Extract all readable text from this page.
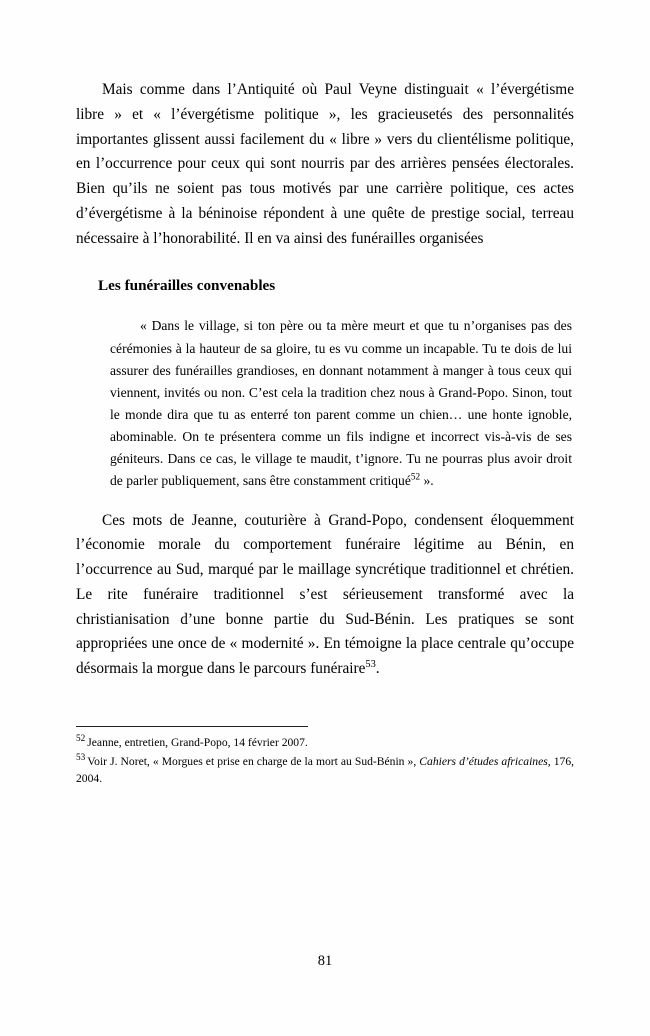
Mais comme dans l’Antiquité où Paul Veyne distinguait « l’évergétisme libre » et « l’évergétisme politique », les gracieusetés des personnalités importantes glissent aussi facilement du « libre » vers du clientélisme politique, en l’occurrence pour ceux qui sont nourris par des arrières pensées électorales. Bien qu’ils ne soient pas tous motivés par une carrière politique, ces actes d’évergétisme à la béninoise répondent à une quête de prestige social, terreau nécessaire à l’honorabilité. Il en va ainsi des funérailles organisées

Les funérailles convenables
« Dans le village, si ton père ou ta mère meurt et que tu n’organises pas des cérémonies à la hauteur de sa gloire, tu es vu comme un incapable. Tu te dois de lui assurer des funérailles grandioses, en donnant notamment à manger à tous ceux qui viennent, invités ou non. C’est cela la tradition chez nous à Grand-Popo. Sinon, tout le monde dira que tu as enterré ton parent comme un chien… une honte ignoble, abominable. On te présentera comme un fils indigne et incorrect vis-à-vis de ses géniteurs. Dans ce cas, le village te maudit, t’ignore. Tu ne pourras plus avoir droit de parler publiquement, sans être constamment critiqué$^{52}$ ».

Ces mots de Jeanne, couturière à Grand-Popo, condensent éloquemment l’économie morale du comportement funéraire légitime au Bénin, en l’occurrence au Sud, marqué par le maillage syncrétique traditionnel et chrétien. Le rite funéraire traditionnel s’est sérieusement transformé avec la christianisation d’une bonne partie du Sud-Bénin. Les pratiques se sont appropriées une once de « modernité ». En témoigne la place centrale qu’occupe désormais la morgue dans le parcours funéraire$^{53}$.

$^{52}$ Jeanne, entretien, Grand-Popo, 14 février 2007.

$^{53}$ Voir J. Noret, « Morgues et prise en charge de la mort au Sud-Bénin », Cahiers d’études africaines, 176, 2004.

81
